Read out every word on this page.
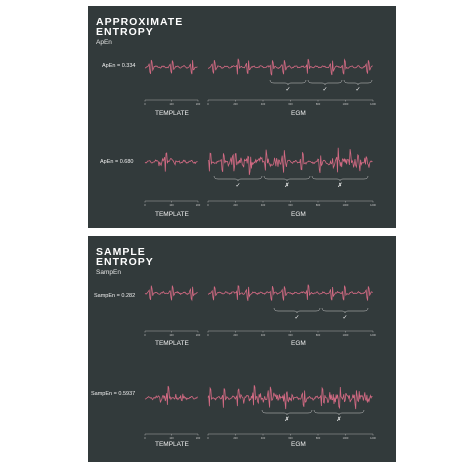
APPROXIMATE

ENTROPY

ApEn

ApEn = 0.334
ApEn = 0.680
TEMPLATE	EGM
TEMPLATE	EGM
0	100	200	0	200	400	600	800	1000	1200
✓	✓	✓
0	100	200	0	200	400	600	800	1000	1200
✓	✗	✗

SAMPLE

ENTROPY

SampEn

SampEn = 0.282
SampEn = 0.5937
TEMPLATE	EGM
TEMPLATE	EGM
0	100	200	0	200	400	600	800	1000	1200
✓	✓
0	100	200	0	200	400	600	800	1000	1200
✗	✗
